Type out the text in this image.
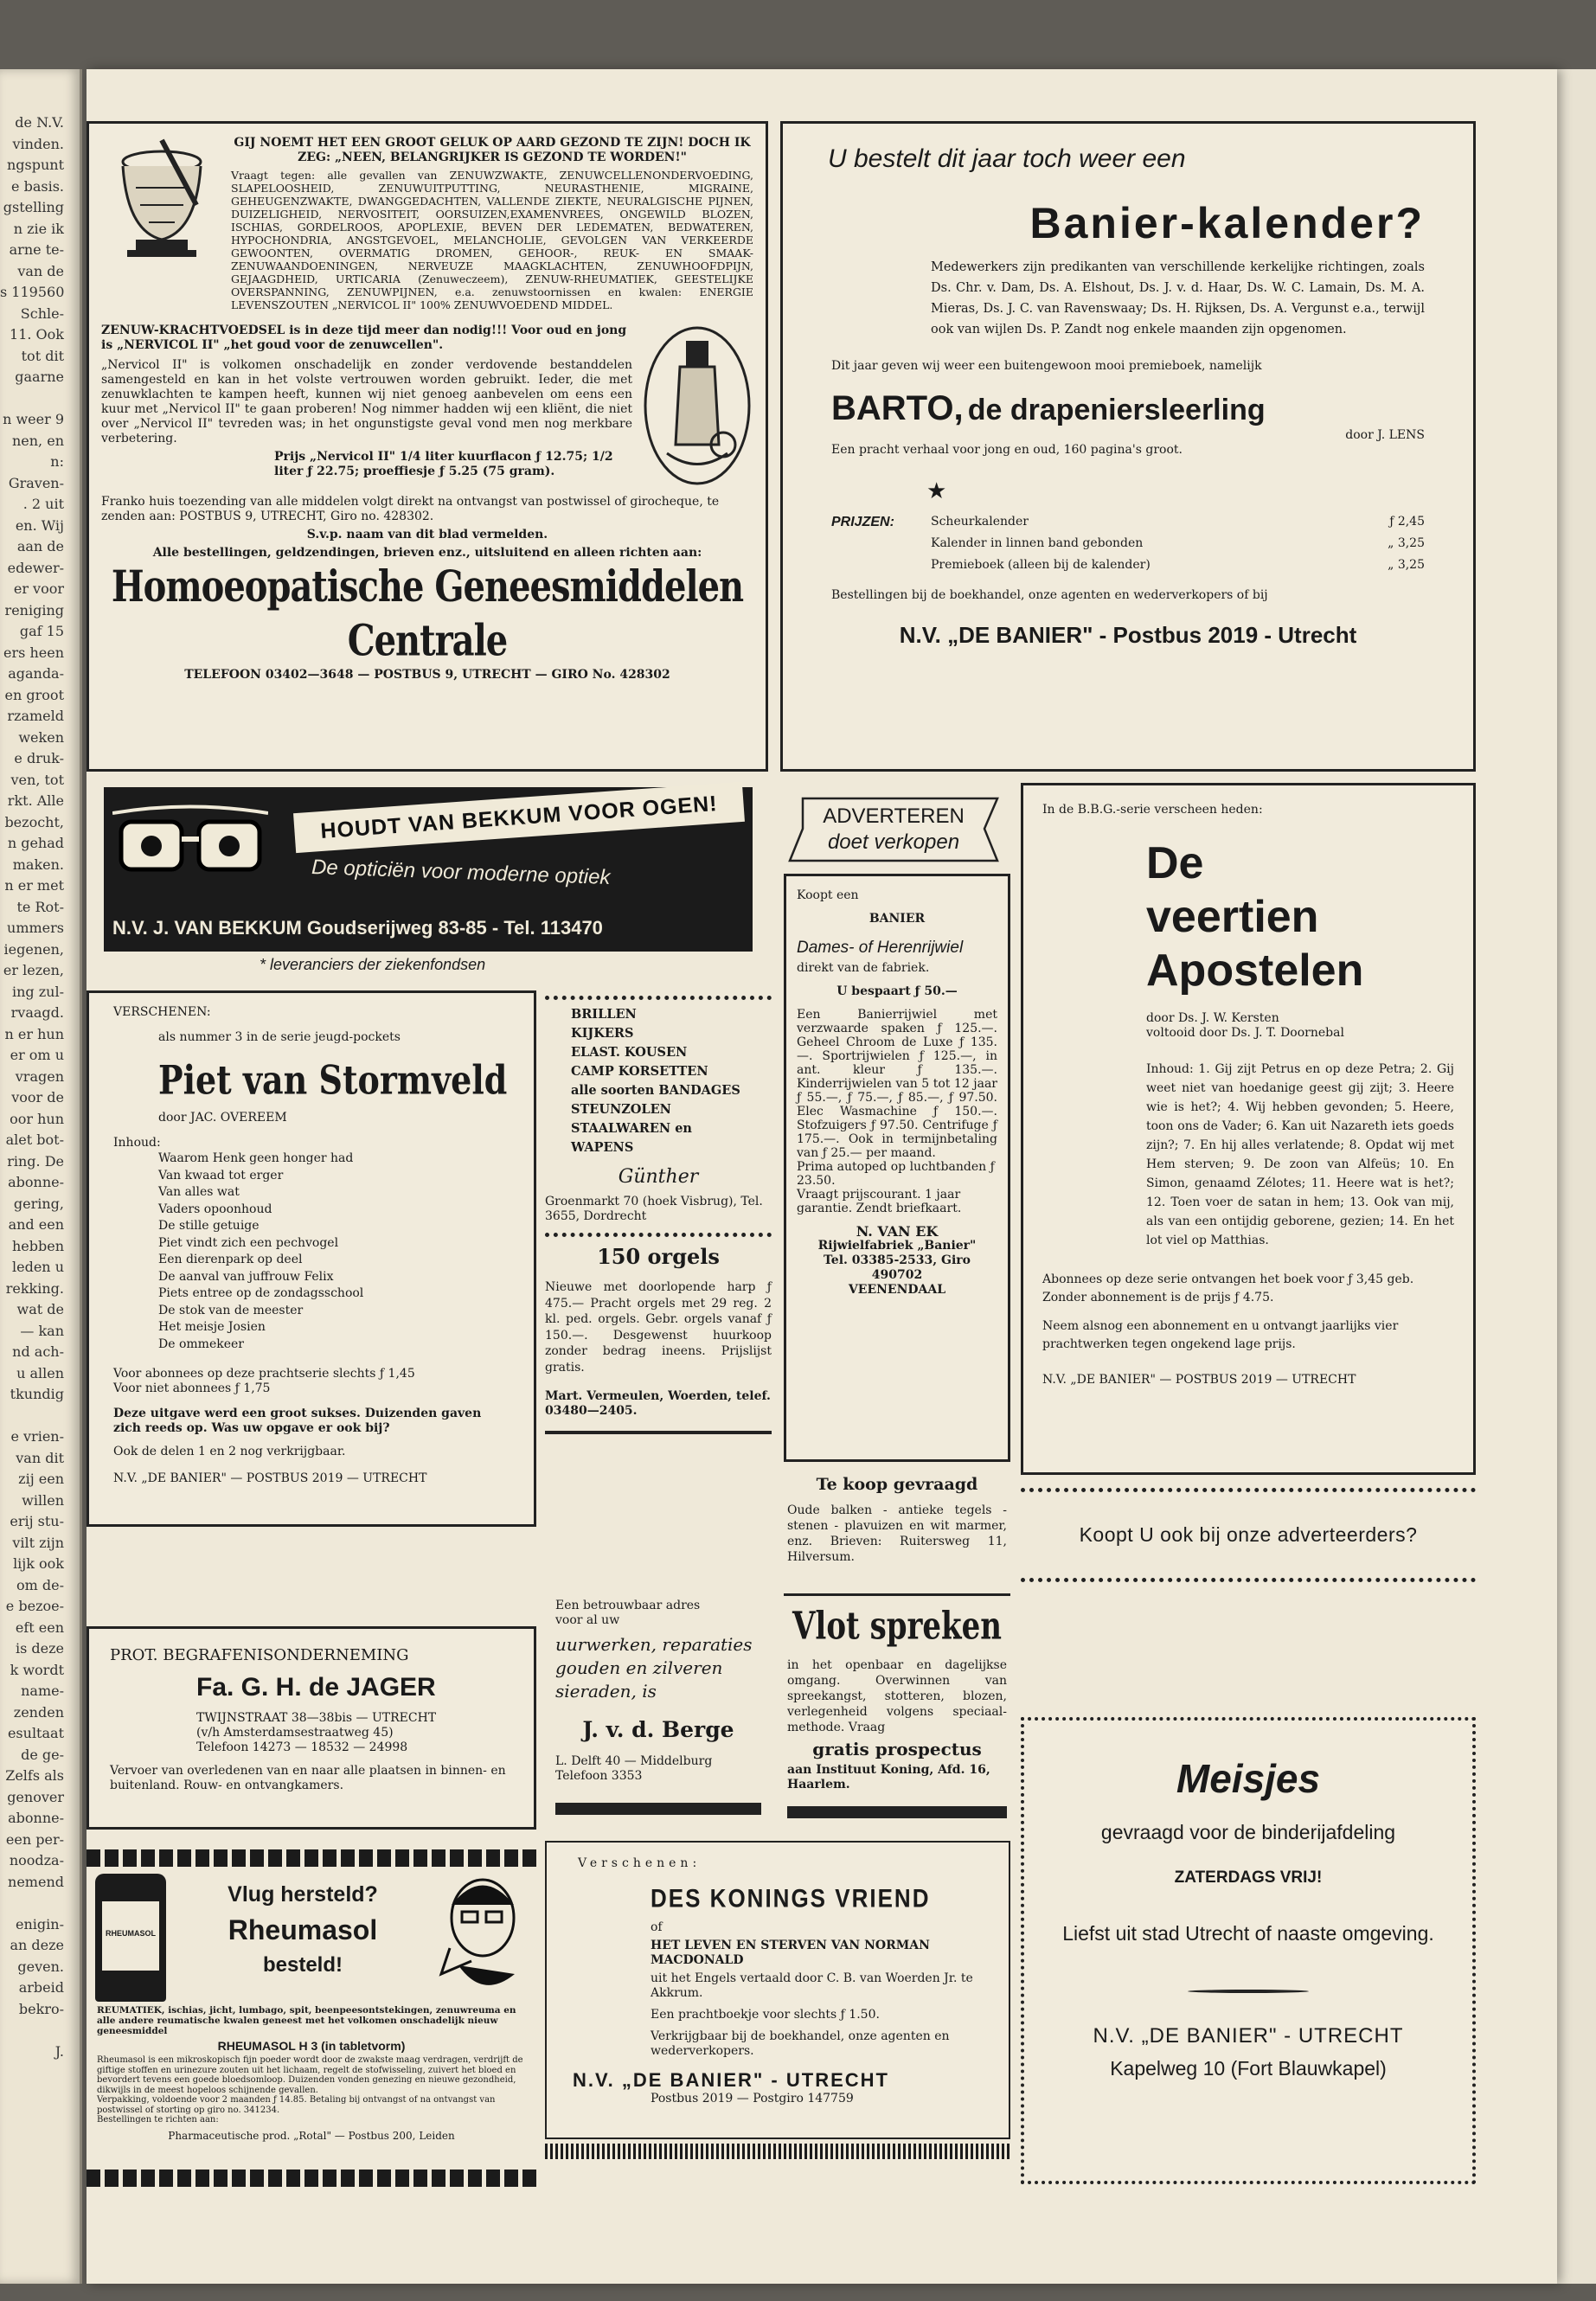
de N.V.
vinden.
ngspunt
e basis.
gstelling
n zie ik
arne te-
van de
s 119560
Schle-
11. Ook
tot dit
gaarne

n weer 9
nen, en
n:
Graven-
. 2 uit
en. Wij
aan de
edewer-
er voor
reniging
gaf 15
ers heen
aganda-
en groot
rzameld
weken
e druk-
ven, tot
rkt. Alle
bezocht,
n gehad
maken.
n er met
te Rot-
ummers
iegenen,
er lezen,
ing zul-
rvaagd.
n er hun
er om u
vragen
voor de
oor hun
alet bot-
ring. De
abonne-
gering,
and een
hebben
leden u
rekking.
wat de
— kan
nd ach-
u allen
tkundig

e vrien-
van dit
zij een
willen
erij stu-
vilt zijn
lijk ook
om de-
e bezoe-
eft een
is deze
k wordt
name-
zenden
esultaat
de ge-
Zelfs als
genover
abonne-
een per-
noodza-
nemend

enigin-
an deze
geven.
arbeid
bekro-

J.

GIJ NOEMT HET EEN GROOT GELUK OP AARD GEZOND TE ZIJN! DOCH IK ZEG: „NEEN, BELANGRIJKER IS GEZOND TE WORDEN!"

Vraagt tegen: alle gevallen van ZENUWZWAKTE, ZENUWCELLENONDERVOEDING, SLAPELOOSHEID, ZENUWUITPUTTING, NEURASTHENIE, MIGRAINE, GEHEUGENZWAKTE, DWANGGEDACHTEN, VALLENDE ZIEKTE, NEURALGISCHE PIJNEN, DUIZELIGHEID, NERVOSITEIT, OORSUIZEN,EXAMENVREES, ONGEWILD BLOZEN, ISCHIAS, GORDELROOS, APOPLEXIE, BEVEN DER LEDEMATEN, BEDWATEREN, HYPOCHONDRIA, ANGSTGEVOEL, MELANCHOLIE, GEVOLGEN VAN VERKEERDE GEWOONTEN, OVERMATIG DROMEN, GEHOOR-, REUK- EN SMAAK-ZENUWAANDOENINGEN, NERVEUZE MAAGKLACHTEN, ZENUWHOOFDPIJN, GEJAAGDHEID, URTICARIA (Zenuweczeem), ZENUW-RHEUMATIEK, GEESTELIJKE OVERSPANNING, ZENUWPIJNEN, e.a. zenuwstoornissen en kwalen: ENERGIE LEVENSZOUTEN „NERVICOL II" 100% ZENUWVOEDEND MIDDEL.

ZENUW-KRACHTVOEDSEL is in deze tijd meer dan nodig!!! Voor oud en jong is „NERVICOL II" „het goud voor de zenuwcellen".

„Nervicol II" is volkomen onschadelijk en zonder verdovende bestanddelen samengesteld en kan in het volste vertrouwen worden gebruikt. Ieder, die met zenuwklachten te kampen heeft, kunnen wij niet genoeg aanbevelen om eens een kuur met „Nervicol II" te gaan proberen! Nog nimmer hadden wij een kliënt, die niet over „Nervicol II" tevreden was; in het ongunstigste geval vond men nog merkbare verbetering.

Prijs „Nervicol II" 1/4 liter kuurflacon ƒ 12.75; 1/2 liter ƒ 22.75; proeffiesje ƒ 5.25 (75 gram).

Franko huis toezending van alle middelen volgt direkt na ontvangst van postwissel of girocheque, te zenden aan: POSTBUS 9, UTRECHT, Giro no. 428302.

S.v.p. naam van dit blad vermelden.

Alle bestellingen, geldzendingen, brieven enz., uitsluitend en alleen richten aan:

Homoeopatische Geneesmiddelen Centrale

TELEFOON 03402—3648 — POSTBUS 9, UTRECHT — GIRO No. 428302

U bestelt dit jaar toch weer een

Banier-kalender?

Medewerkers zijn predikanten van verschillende kerkelijke richtingen, zoals Ds. Chr. v. Dam, Ds. A. Elshout, Ds. J. v. d. Haar, Ds. W. C. Lamain, Ds. M. A. Mieras, Ds. J. C. van Ravenswaay; Ds. H. Rijksen, Ds. A. Vergunst e.a., terwijl ook van wijlen Ds. P. Zandt nog enkele maanden zijn opgenomen.

Dit jaar geven wij weer een buitengewoon mooi premieboek, namelijk

BARTO, de drapeniersleerling

door J. LENS

Een pracht verhaal voor jong en oud, 160 pagina's groot.

★

PRIJZEN:	Scheurkalender	ƒ 2,45
Kalender in linnen band gebonden	„ 3,25
Premieboek (alleen bij de kalender)	„ 3,25

Bestellingen bij de boekhandel, onze agenten en wederverkopers of bij

N.V. „DE BANIER" - Postbus 2019 - Utrecht

HOUDT VAN BEKKUM VOOR OGEN!

De opticiën voor moderne optiek

N.V. J. VAN BEKKUM Goudserijweg 83-85 - Tel. 113470

* leveranciers der ziekenfondsen

ADVERTEREN

doet verkopen

In de B.B.G.-serie verscheen heden:

De

veertien

Apostelen

door Ds. J. W. Kersten

voltooid door Ds. J. T. Doornebal

Inhoud: 1. Gij zijt Petrus en op deze Petra; 2. Gij weet niet van hoedanige geest gij zijt; 3. Heere wie is het?; 4. Wij hebben gevonden; 5. Heere, toon ons de Vader; 6. Kan uit Nazareth iets goeds zijn?; 7. En hij alles verlatende; 8. Opdat wij met Hem sterven; 9. De zoon van Alfeüs; 10. En Simon, genaamd Zélotes; 11. Heere wat is het?; 12. Toen voer de satan in hem; 13. Ook van mij, als van een ontijdig geborene, gezien; 14. En het lot viel op Matthias.

Abonnees op deze serie ontvangen het boek voor ƒ 3,45 geb. Zonder abonnement is de prijs ƒ 4.75.

Neem alsnog een abonnement en u ontvangt jaarlijks vier prachtwerken tegen ongekend lage prijs.

N.V. „DE BANIER" — POSTBUS 2019 — UTRECHT

VERSCHENEN:

als nummer 3 in de serie jeugd-pockets

Piet van Stormveld

door JAC. OVEREEM

Inhoud:

Waarom Henk geen honger had

Van kwaad tot erger

Van alles wat

Vaders opoonhoud

De stille getuige

Piet vindt zich een pechvogel

Een dierenpark op deel

De aanval van juffrouw Felix

Piets entree op de zondagsschool

De stok van de meester

Het meisje Josien

De ommekeer

Voor abonnees op deze prachtserie slechts ƒ 1,45

Voor niet abonnees ƒ 1,75

Deze uitgave werd een groot sukses. Duizenden gaven zich reeds op. Was uw opgave er ook bij?

Ook de delen 1 en 2 nog verkrijgbaar.

N.V. „DE BANIER" — POSTBUS 2019 — UTRECHT

BRILLEN

KIJKERS

ELAST. KOUSEN

CAMP KORSETTEN

alle soorten BANDAGES

STEUNZOLEN

STAALWAREN en

WAPENS

Günther

Groenmarkt 70 (hoek Visbrug), Tel. 3655, Dordrecht

150 orgels

Nieuwe met doorlopende harp ƒ 475.— Pracht orgels met 29 reg. 2 kl. ped. orgels. Gebr. orgels vanaf ƒ 150.—. Desgewenst huurkoop zonder bedrag ineens. Prijslijst gratis.

Mart. Vermeulen, Woerden, telef. 03480—2405.

Koopt een

BANIER

Dames- of Herenrijwiel

direkt van de fabriek.

U bespaart ƒ 50.—

Een Banierrijwiel met verzwaarde spaken ƒ 125.—. Geheel Chroom de Luxe ƒ 135.—. Sportrijwielen ƒ 125.—, in ant. kleur ƒ 135.—. Kinderrijwielen van 5 tot 12 jaar ƒ 55.—, ƒ 75.—, ƒ 85.—, ƒ 97.50. Elec Wasmachine ƒ 150.—. Stofzuigers ƒ 97.50. Centrifuge ƒ 175.—. Ook in termijnbetaling van ƒ 25.— per maand.

Prima autoped op luchtbanden ƒ 23.50.

Vraagt prijscourant. 1 jaar garantie. Zendt briefkaart.

N. VAN EK

Rijwielfabriek „Banier"

Tel. 03385-2533, Giro 490702

VEENENDAAL

Te koop gevraagd

Oude balken - antieke tegels - stenen - plavuizen en wit marmer, enz. Brieven: Ruitersweg 11, Hilversum.

Koopt U ook bij onze adverteerders?

Een betrouwbaar adres

voor al uw

uurwerken, reparaties gouden en zilveren sieraden, is

J. v. d. Berge

L. Delft 40 — Middelburg

Telefoon 3353

Vlot spreken

in het openbaar en dagelijkse omgang. Overwinnen van spreekangst, stotteren, blozen, verlegenheid volgens speciaal-methode. Vraag

gratis prospectus

aan Instituut Koning, Afd. 16, Haarlem.

PROT. BEGRAFENISONDERNEMING

Fa. G. H. de JAGER

TWIJNSTRAAT 38—38bis — UTRECHT

(v/h Amsterdamsestraatweg 45)

Telefoon 14273 — 18532 — 24998

Vervoer van overledenen van en naar alle plaatsen in binnen- en buitenland. Rouw- en ontvangkamers.	Meisjes

gevraagd voor de binderijafdeling

ZATERDAGS VRIJ!

Liefst uit stad Utrecht of naaste omgeving.

N.V. „DE BANIER" - UTRECHT

Kapelweg 10 (Fort Blauwkapel)

RHEUMASOL

Vlug hersteld?

Rheumasol

besteld!

REUMATIEK, ischias, jicht, lumbago, spit, beenpeesontstekingen, zenuwreuma en alle andere reumatische kwalen geneest met het volkomen onschadelijk nieuw geneesmiddel

RHEUMASOL H 3 (in tabletvorm)

Rheumasol is een mikroskopisch fijn poeder wordt door de zwakste maag verdragen, verdrijft de giftige stoffen en urinezure zouten uit het lichaam, regelt de stofwisseling, zuivert het bloed en bevordert tevens een goede bloedsomloop. Duizenden vonden genezing en nieuwe gezondheid, dikwijls in de meest hopeloos schijnende gevallen.

Verpakking, voldoende voor 2 maanden ƒ 14.85. Betaling bij ontvangst of na ontvangst van postwissel of storting op giro no. 341234.

Bestellingen te richten aan:

Pharmaceutische prod. „Rotal" — Postbus 200, Leiden

Verschenen:

DES KONINGS VRIEND

of

HET LEVEN EN STERVEN VAN NORMAN MACDONALD

uit het Engels vertaald door C. B. van Woerden Jr. te Akkrum.

Een prachtboekje voor slechts ƒ 1.50.

Verkrijgbaar bij de boekhandel, onze agenten en wederverkopers.

N.V. „DE BANIER" - UTRECHT

Postbus 2019 — Postgiro 147759
